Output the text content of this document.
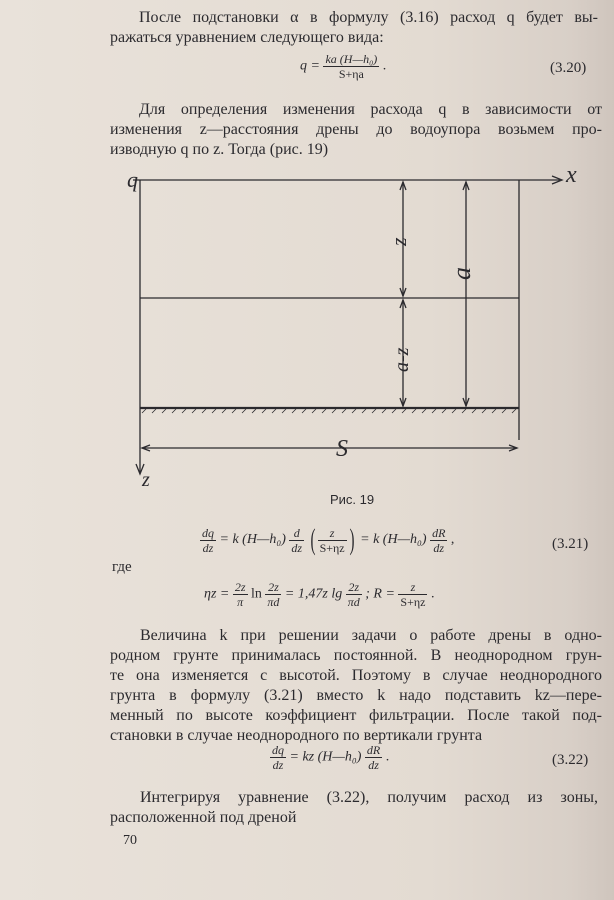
После подстановки α в формулу (3.16) расход q будет вы-

ражаться уравнением следующего вида:

$q = \frac{\text{ka (H—h₀)}}{S+\eta a}$ .	(3.20)

Для определения изменения расхода q в зависимости от

изменения z—расстояния дрены до водоупора возьмем про-

изводную q по z. Тогда (рис. 19)

q	x
z
z
a-z
a
S
Рис. 19
$\frac{dq}{dz} = k$ (H—h₀) $\frac{d}{dz}$ ( $\frac{z}{S+\eta z}$ ) = k (H—h₀) $\frac{dR}{dz}$ ,	(3.21)

где

$\eta z = \frac{2z}{\pi}$ $\ln \frac{2z}{\pi d} = 1,47z$ $\lg \frac{2z}{\pi d}$ ; $R = \frac{z}{S+\eta z}$ .

Величина k при решении задачи о работе дрены в одно-

родном грунте принималась постоянной. В неоднородном грун-

те она изменяется с высотой. Поэтому в случае неоднородного

грунта в формулу (3.21) вместо k надо подставить kz—пере-

менный по высоте коэффициент фильтрации. После такой под-

становки в случае неоднородного по вертикали грунта

$\frac{dq}{dz}$ = kz (H—h₀) $\frac{dR}{dz}$ .	(3.22)

Интегрируя уравнение (3.22), получим расход из зоны,

расположенной под дреной

70
